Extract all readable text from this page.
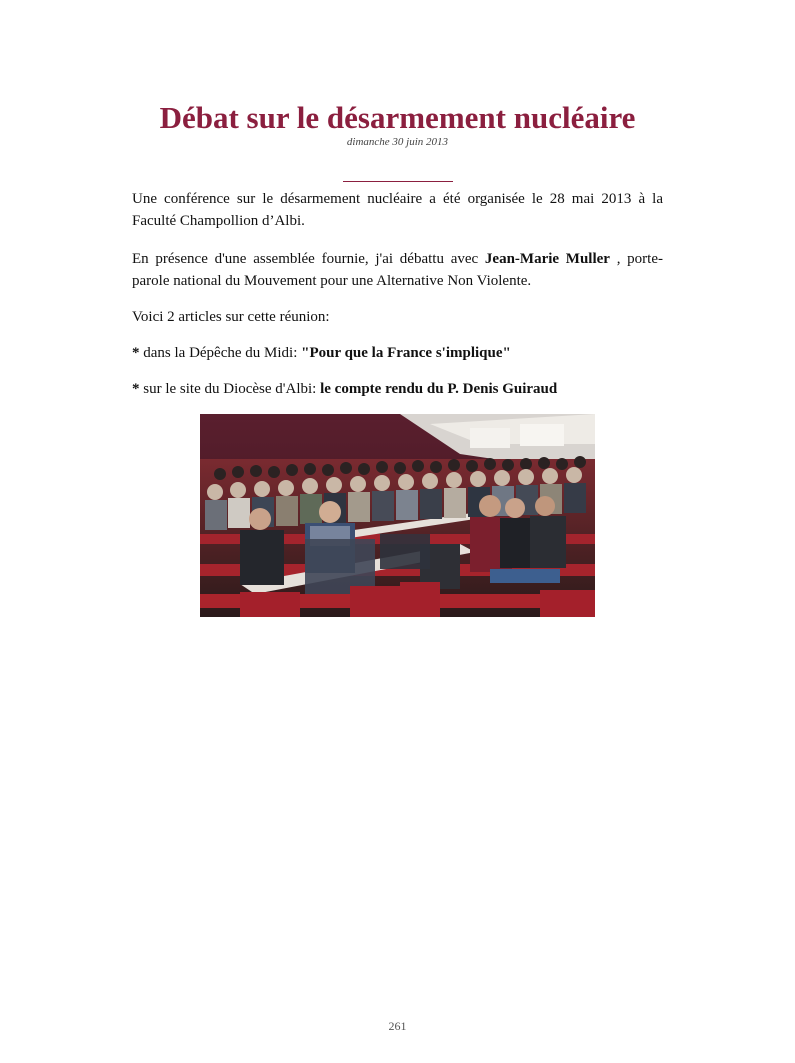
Débat sur le désarmement nucléaire
dimanche 30 juin 2013

Une conférence sur le désarmement nucléaire a été organisée le 28 mai 2013 à la Faculté Champollion d’Albi.

En présence d'une assemblée fournie, j'ai débattu avec Jean-Marie Muller , porte-parole national du Mouvement pour une Alternative Non Violente.

Voici 2 articles sur cette réunion:

* dans la Dépêche du Midi: "Pour que la France s'implique"

* sur le site du Diocèse d'Albi: le compte rendu du P. Denis Guiraud

261
